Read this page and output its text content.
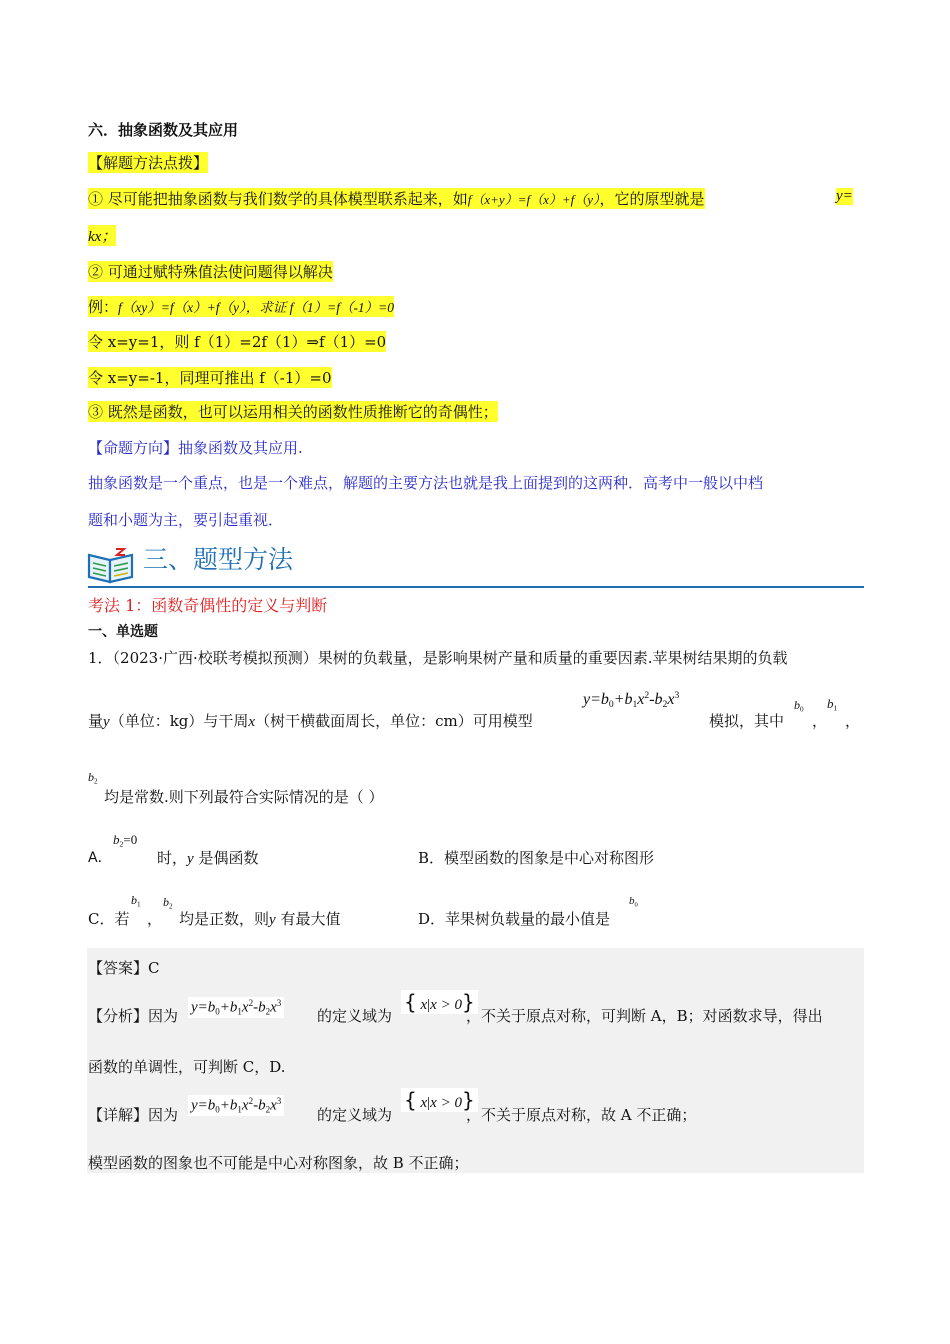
六．抽象函数及其应用
【解题方法点拨】
① 尽可能把抽象函数与我们数学的具体模型联系起来，如f（x+y）=f（x）+f（y），它的原型就是	y=
kx；
② 可通过赋特殊值法使问题得以解决
例：f（xy）=f（x）+f（y），求证 f（1）=f（-1）=0
令 x=y=1，则 f（1）=2f（1）⇒f（1）=0
令 x=y=-1，同理可推出 f（-1）=0
③ 既然是函数，也可以运用相关的函数性质推断它的奇偶性；
【命题方向】抽象函数及其应用.
抽象函数是一个重点，也是一个难点，解题的主要方法也就是我上面提到的这两种．高考中一般以中档
题和小题为主，要引起重视．
三、题型方法
考法 1：函数奇偶性的定义与判断
一、单选题
1．（2023·广西·校联考模拟预测）果树的负载量，是影响果树产量和质量的重要因素.苹果树结果期的负载
量y（单位：kg）与干周x（树干横截面周长，单位：cm）可用模型
$y=b_0+b_1x^2-b_2x^3$
模拟，其中
$b_0$
，
$b_1$
，
$b_2$
均是常数.则下列最符合实际情况的是（ ）
A．
$b_2=0$
时，y 是偶函数	B．模型函数的图象是中心对称图形
C．若
$b_1$
，
$b_2$
均是正数，则y 有最大值	D．苹果树负载量的最小值是
$b_0$
【答案】C
【分析】因为 $y=b_0+b_1x^2-b_2x^3$
的定义域为
{ x|x > 0}
，不关于原点对称，可判断 A，B；对函数求导，得出
函数的单调性，可判断 C，D.
【详解】因为
$y=b_0+b_1x^2-b_2x^3$
的定义域为
{ x|x > 0}
，不关于原点对称，故 A 不正确；
模型函数的图象也不可能是中心对称图象，故 B 不正确；
